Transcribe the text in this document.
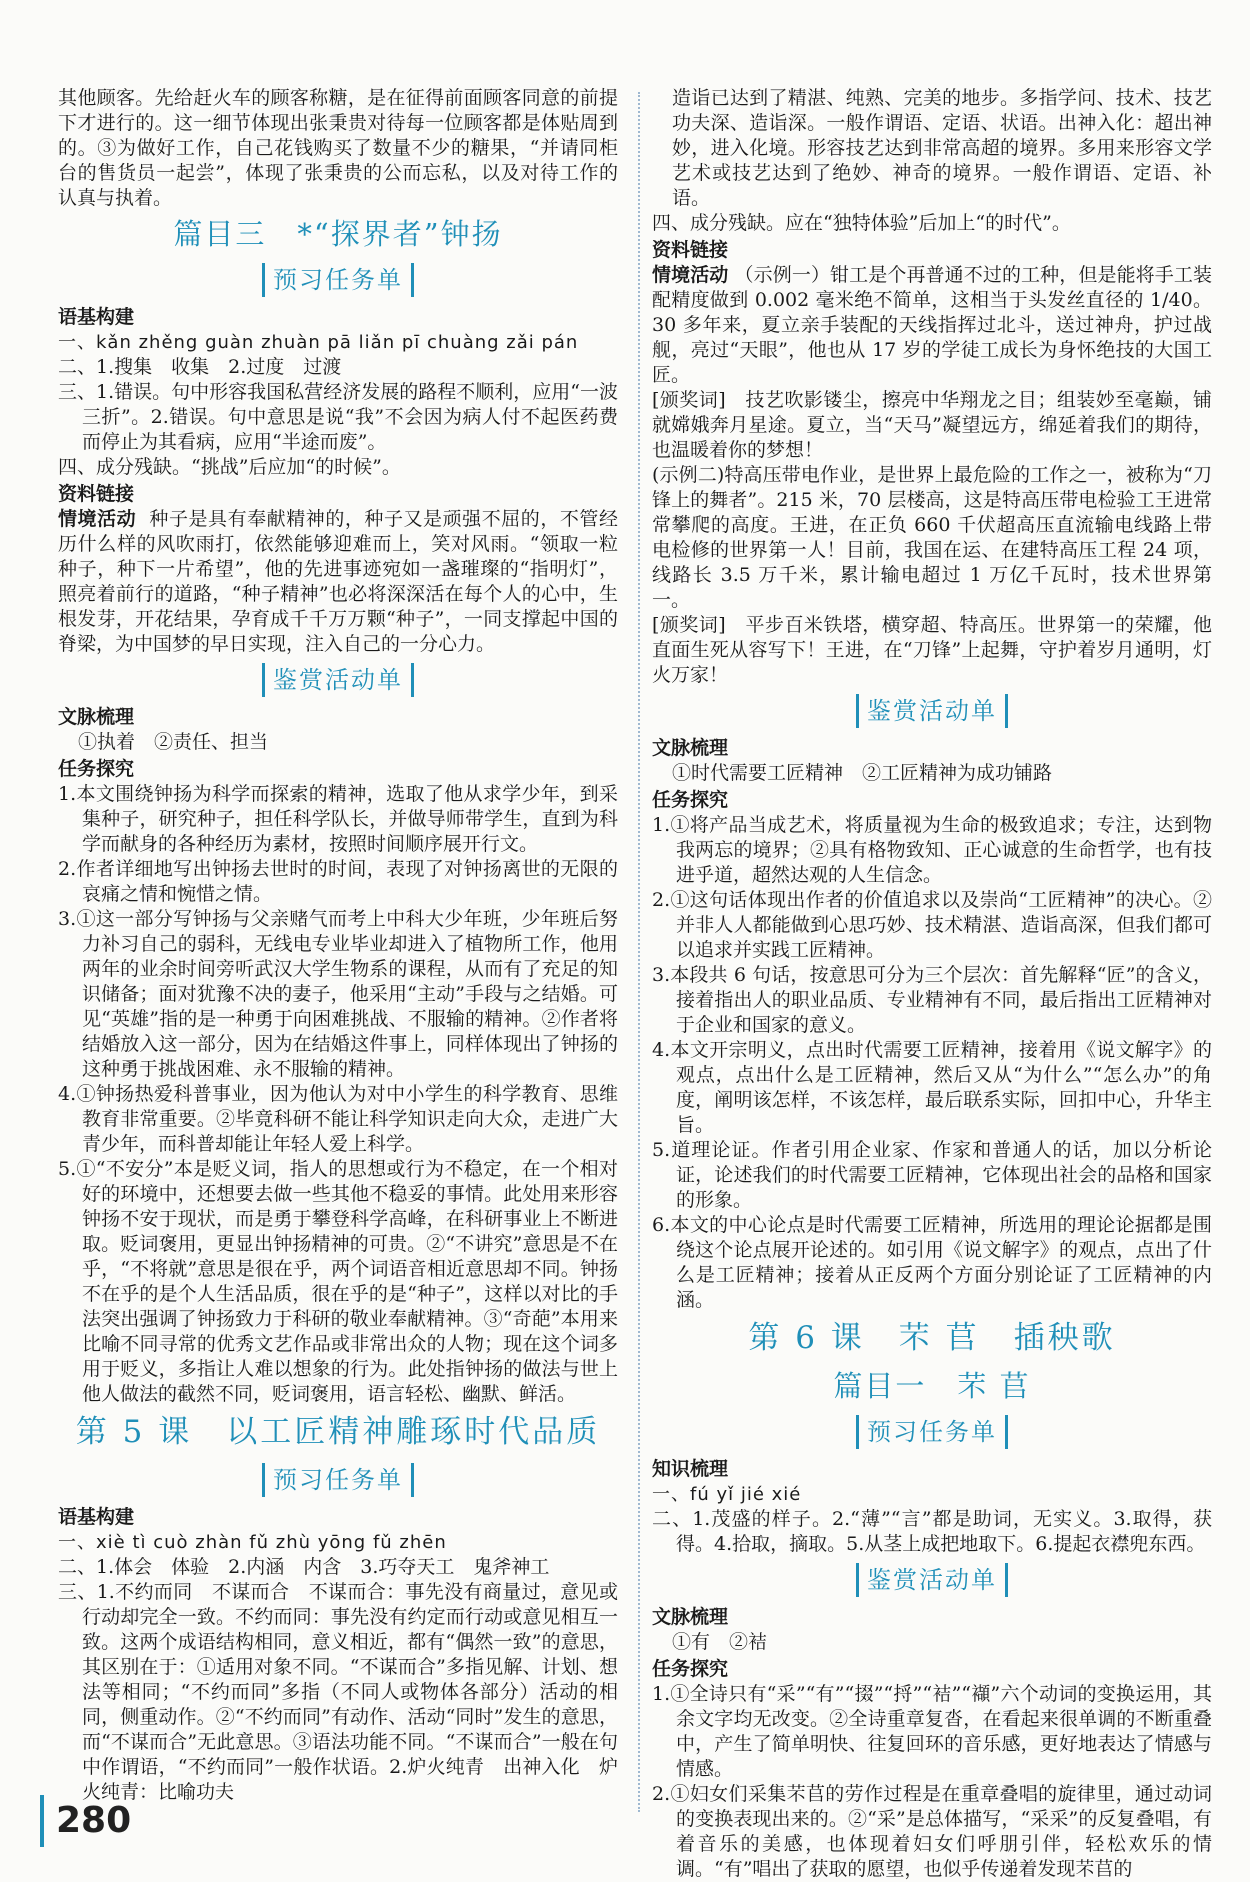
其他顾客。先给赶火车的顾客称糖，是在征得前面顾客同意的前提下才进行的。这一细节体现出张秉贵对待每一位顾客都是体贴周到的。③为做好工作，自己花钱购买了数量不少的糖果，“并请同柜台的售货员一起尝”，体现了张秉贵的公而忘私，以及对待工作的认真与执着。

篇目三　*“探界者”钟扬
预习任务单
语基构建

一、kǎn zhěng guàn zhuàn pā liǎn pī chuàng zǎi pán

二、1.搜集　收集　2.过度　过渡

三、1.错误。句中形容我国私营经济发展的路程不顺利，应用“一波三折”。2.错误。句中意思是说“我”不会因为病人付不起医药费而停止为其看病，应用“半途而废”。

四、成分残缺。“挑战”后应加“的时候”。

资料链接

情境活动 种子是具有奉献精神的，种子又是顽强不屈的，不管经历什么样的风吹雨打，依然能够迎难而上，笑对风雨。“领取一粒种子，种下一片希望”，他的先进事迹宛如一盏璀璨的“指明灯”，照亮着前行的道路，“种子精神”也必将深深活在每个人的心中，生根发芽，开花结果，孕育成千千万万颗“种子”，一同支撑起中国的脊梁，为中国梦的早日实现，注入自己的一分心力。

鉴赏活动单
文脉梳理

①执着　②责任、担当

任务探究

1.本文围绕钟扬为科学而探索的精神，选取了他从求学少年，到采集种子，研究种子，担任科学队长，并做导师带学生，直到为科学而献身的各种经历为素材，按照时间顺序展开行文。

2.作者详细地写出钟扬去世时的时间，表现了对钟扬离世的无限的哀痛之情和惋惜之情。

3.①这一部分写钟扬与父亲赌气而考上中科大少年班，少年班后努力补习自己的弱科，无线电专业毕业却进入了植物所工作，他用两年的业余时间旁听武汉大学生物系的课程，从而有了充足的知识储备；面对犹豫不决的妻子，他采用“主动”手段与之结婚。可见“英雄”指的是一种勇于向困难挑战、不服输的精神。②作者将结婚放入这一部分，因为在结婚这件事上，同样体现出了钟扬的这种勇于挑战困难、永不服输的精神。

4.①钟扬热爱科普事业，因为他认为对中小学生的科学教育、思维教育非常重要。②毕竟科研不能让科学知识走向大众，走进广大青少年，而科普却能让年轻人爱上科学。

5.①“不安分”本是贬义词，指人的思想或行为不稳定，在一个相对好的环境中，还想要去做一些其他不稳妥的事情。此处用来形容钟扬不安于现状，而是勇于攀登科学高峰，在科研事业上不断进取。贬词褒用，更显出钟扬精神的可贵。②“不讲究”意思是不在乎，“不将就”意思是很在乎，两个词语音相近意思却不同。钟扬不在乎的是个人生活品质，很在乎的是“种子”，这样以对比的手法突出强调了钟扬致力于科研的敬业奉献精神。③“奇葩”本用来比喻不同寻常的优秀文艺作品或非常出众的人物；现在这个词多用于贬义，多指让人难以想象的行为。此处指钟扬的做法与世上他人做法的截然不同，贬词褒用，语言轻松、幽默、鲜活。

第 5 课　以工匠精神雕琢时代品质
预习任务单
语基构建

一、xiè tì cuò zhàn fǔ zhù yōng fǔ zhēn

二、1.体会　体验　2.内涵　内含　3.巧夺天工　鬼斧神工

三、1.不约而同　不谋而合　不谋而合：事先没有商量过，意见或行动却完全一致。不约而同：事先没有约定而行动或意见相互一致。这两个成语结构相同，意义相近，都有“偶然一致”的意思，其区别在于：①适用对象不同。“不谋而合”多指见解、计划、想法等相同；“不约而同”多指（不同人或物体各部分）活动的相同，侧重动作。②“不约而同”有动作、活动“同时”发生的意思，而“不谋而合”无此意思。③语法功能不同。“不谋而合”一般在句中作谓语，“不约而同”一般作状语。2.炉火纯青　出神入化　炉火纯青：比喻功夫

造诣已达到了精湛、纯熟、完美的地步。多指学问、技术、技艺功夫深、造诣深。一般作谓语、定语、状语。出神入化：超出神妙，进入化境。形容技艺达到非常高超的境界。多用来形容文学艺术或技艺达到了绝妙、神奇的境界。一般作谓语、定语、补语。

四、成分残缺。应在“独特体验”后加上“的时代”。

资料链接

情境活动 （示例一）钳工是个再普通不过的工种，但是能将手工装配精度做到 0.002 毫米绝不简单，这相当于头发丝直径的 1/40。30 多年来，夏立亲手装配的天线指挥过北斗，送过神舟，护过战舰，亮过“天眼”，他也从 17 岁的学徒工成长为身怀绝技的大国工匠。

[颁奖词]　技艺吹影镂尘，擦亮中华翔龙之目；组装妙至毫巅，铺就嫦娥奔月星途。夏立，当“天马”凝望远方，绵延着我们的期待，也温暖着你的梦想！

(示例二)特高压带电作业，是世界上最危险的工作之一，被称为“刀锋上的舞者”。215 米，70 层楼高，这是特高压带电检验工王进常常攀爬的高度。王进，在正负 660 千伏超高压直流输电线路上带电检修的世界第一人！目前，我国在运、在建特高压工程 24 项，线路长 3.5 万千米，累计输电超过 1 万亿千瓦时，技术世界第一。

[颁奖词]　平步百米铁塔，横穿超、特高压。世界第一的荣耀，他直面生死从容写下！王进，在“刀锋”上起舞，守护着岁月通明，灯火万家！

鉴赏活动单
文脉梳理

①时代需要工匠精神　②工匠精神为成功铺路

任务探究

1.①将产品当成艺术，将质量视为生命的极致追求；专注，达到物我两忘的境界；②具有格物致知、正心诚意的生命哲学，也有技进乎道，超然达观的人生信念。

2.①这句话体现出作者的价值追求以及崇尚“工匠精神”的决心。②并非人人都能做到心思巧妙、技术精湛、造诣高深，但我们都可以追求并实践工匠精神。

3.本段共 6 句话，按意思可分为三个层次：首先解释“匠”的含义，接着指出人的职业品质、专业精神有不同，最后指出工匠精神对于企业和国家的意义。

4.本文开宗明义，点出时代需要工匠精神，接着用《说文解字》的观点，点出什么是工匠精神，然后又从“为什么”“怎么办”的角度，阐明该怎样，不该怎样，最后联系实际，回扣中心，升华主旨。

5.道理论证。作者引用企业家、作家和普通人的话，加以分析论证，论述我们的时代需要工匠精神，它体现出社会的品格和国家的形象。

6.本文的中心论点是时代需要工匠精神，所选用的理论论据都是围绕这个论点展开论述的。如引用《说文解字》的观点，点出了什么是工匠精神；接着从正反两个方面分别论证了工匠精神的内涵。

第 6 课　芣 苢　插秧歌
篇目一　芣 苢
预习任务单
知识梳理

一、fú yǐ jié xié

二、1.茂盛的样子。2.“薄”“言”都是助词，无实义。3.取得，获得。4.拾取，摘取。5.从茎上成把地取下。6.提起衣襟兜东西。

鉴赏活动单
文脉梳理

①有　②袺

任务探究

1.①全诗只有“采”“有”“掇”“捋”“袺”“襭”六个动词的变换运用，其余文字均无改变。②全诗重章复沓，在看起来很单调的不断重叠中，产生了简单明快、往复回环的音乐感，更好地表达了情感与情感。

2.①妇女们采集芣苢的劳作过程是在重章叠唱的旋律里，通过动词的变换表现出来的。②“采”是总体描写，“采采”的反复叠唱，有着音乐的美感，也体现着妇女们呼朋引伴，轻松欢乐的情调。“有”唱出了获取的愿望，也似乎传递着发现芣苢的

280
